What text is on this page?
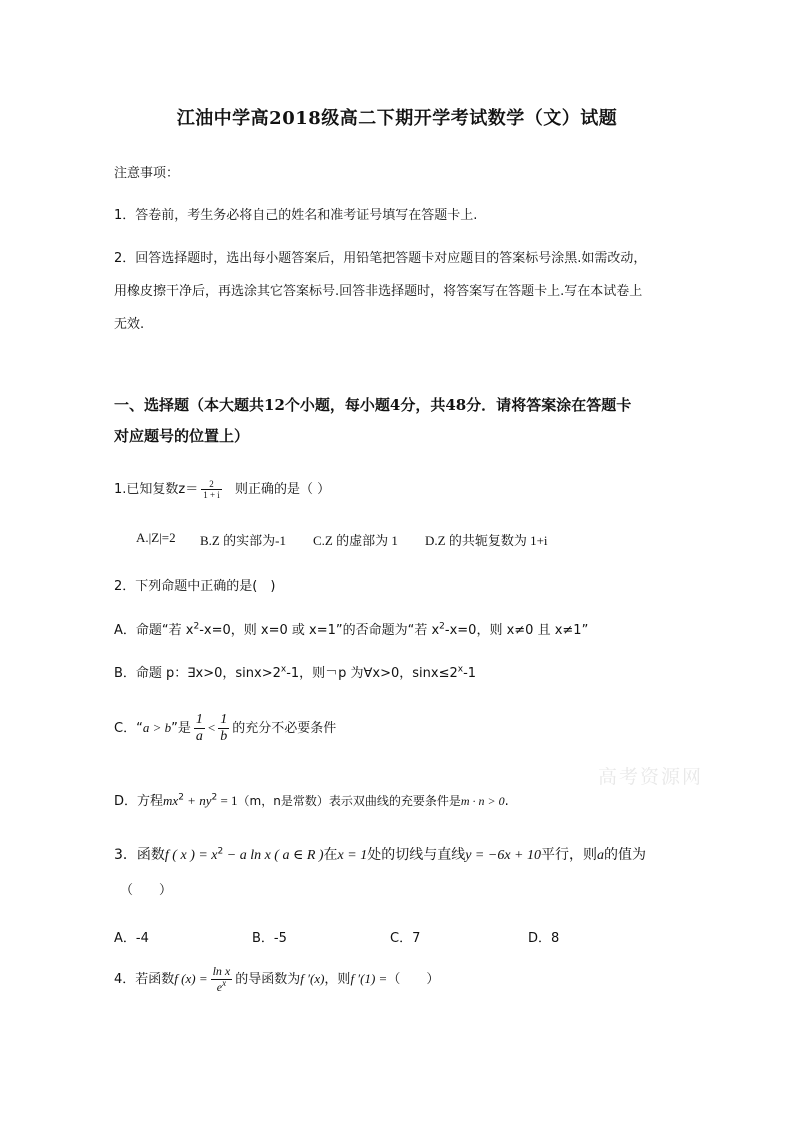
江油中学高2018级高二下期开学考试数学（文）试题
注意事项：
1．答卷前，考生务必将自己的姓名和准考证号填写在答题卡上.
2．回答选择题时，选出每小题答案后，用铅笔把答题卡对应题目的答案标号涂黑.如需改动，
用橡皮擦干净后，再选涂其它答案标号.回答非选择题时，将答案写在答题卡上.写在本试卷上
无效.
一、选择题（本大题共12个小题，每小题4分，共48分．请将答案涂在答题卡
对应题号的位置上）
1.已知复数$z= \frac{2}{1 + i}$ 则正确的是（ ）
A.|Z|=2 B.Z 的实部为-1 C.Z 的虚部为 1 D.Z 的共轭复数为 1+i
2．下列命题中正确的是(　)
A．命题“若 $x^2-x=0$，则 x=0 或 x=1”的否命题为“若 $x^2-x=0$，则 x≠0 且 x≠1”
B．命题 p：∃x>0，$\sin x>2^x-1$，则￢p 为∀x>0，$\sin x\le 2^x-1$
C．“a > b”是 $\frac{1}{a} < \frac{1}{b}$ 的充分不必要条件
D．方程$mx^2 + ny^2 = 1(m$，n是常数）表示双曲线的充要条件是m · n > 0.
高考资源网
3．函数f ( x ) = $x^2 - a$ ln x ( a ∈ R )在x = 1处的切线与直线y = −6x + 10平行，则a的值为
（　　）
A．-4	B．-5	C．7	D．8
4．若函数f $(x) = \frac{\text{ln x}}{e^x}$ 的导函数为f ′(x)，则f ′(1) =（　　）
